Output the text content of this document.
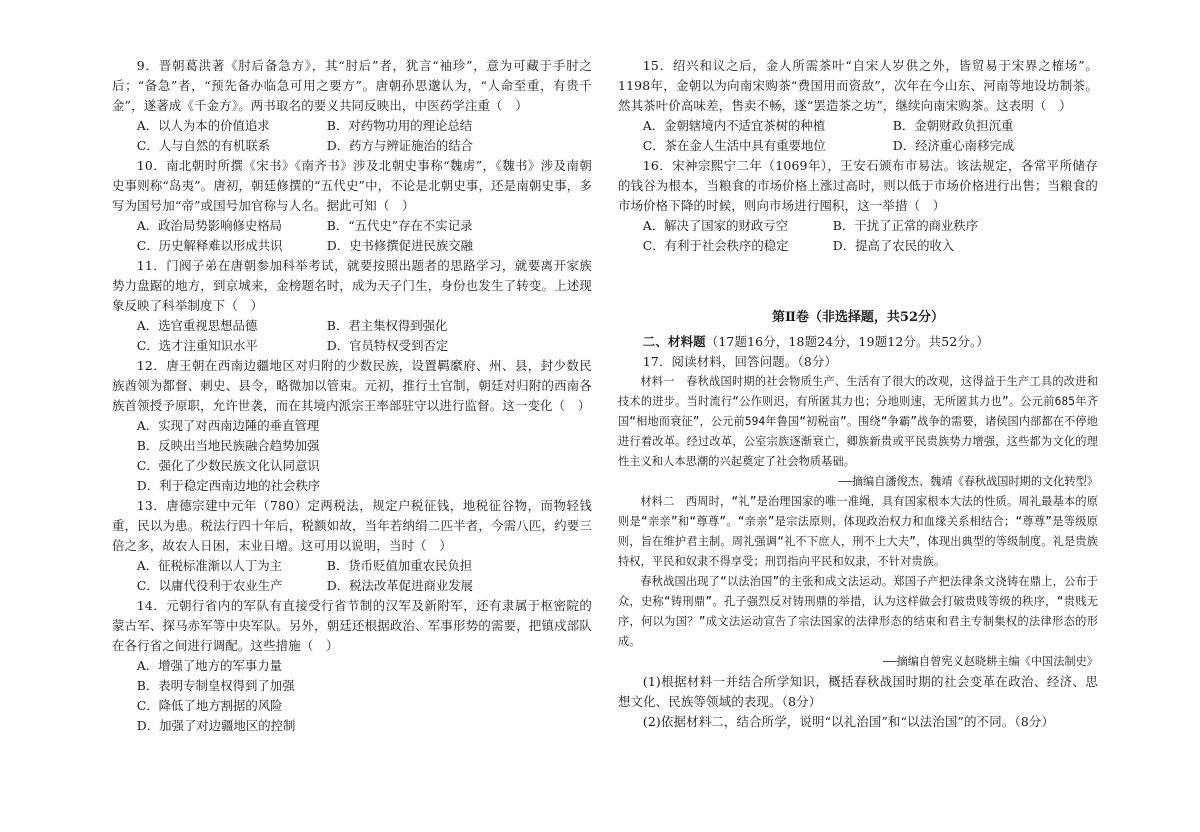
9．晋朝葛洪著《肘后备急方》，其“肘后”者，犹言“袖珍”，意为可藏于手肘之后；“备急”者，“预先备办临急可用之要方”。唐朝孙思邈认为，“人命至重，有贵千金”，遂著成《千金方》。两书取名的要义共同反映出，中医药学注重（　）

A．以人为本的价值追求	B．对药物功用的理论总结
C．人与自然的有机联系	D．药方与辨证施治的结合

10．南北朝时所撰《宋书》《南齐书》涉及北朝史事称“魏虏”，《魏书》涉及南朝史事则称“岛夷”。唐初，朝廷修撰的“五代史”中，不论是北朝史事，还是南朝史事，多写为国号加“帝”或国号加官称与人名。据此可知（　）

A．政治局势影响修史格局	B．“五代史”存在不实记录
C．历史解释难以形成共识	D．史书修撰促进民族交融

11．门阀子弟在唐朝参加科举考试，就要按照出题者的思路学习，就要离开家族势力盘踞的地方，到京城来，金榜题名时，成为天子门生，身份也发生了转变。上述现象反映了科举制度下（　）

A．选官重视思想品德	B．君主集权得到强化
C．选才注重知识水平	D．官员特权受到否定

12．唐王朝在西南边疆地区对归附的少数民族，设置羁縻府、州、县，封少数民族酋领为都督、刺史、县令，略微加以管束。元初，推行土官制，朝廷对归附的西南各族首领授予原职，允许世袭，而在其境内派宗王率部驻守以进行监督。这一变化（　）

A．实现了对西南边陲的垂直管理
B．反映出当地民族融合趋势加强
C．强化了少数民族文化认同意识
D．利于稳定西南边地的社会秩序

13．唐德宗建中元年（780）定两税法，规定户税征钱，地税征谷物，而物轻钱重，民以为患。税法行四十年后，税额如故，当年若纳绢二匹半者，今需八匹，约要三倍之多，故农人日困，末业日增。这可用以说明，当时（　）

A．征税标准渐以人丁为主	B．货币贬值加重农民负担
C．以庸代役利于农业生产	D．税法改革促进商业发展

14．元朝行省内的军队有直接受行省节制的汉军及新附军，还有隶属于枢密院的蒙古军、探马赤军等中央军队。另外，朝廷还根据政治、军事形势的需要，把镇戍部队在各行省之间进行调配。这些措施（　）

A．增强了地方的军事力量
B．表明专制皇权得到了加强
C．降低了地方割据的风险
D．加强了对边疆地区的控制

15．绍兴和议之后，金人所需茶叶“自宋人岁供之外，皆贸易于宋界之榷场”。1198年，金朝以为向南宋购茶“费国用而资敌”，次年在今山东、河南等地设坊制茶。然其茶叶价高味差，售卖不畅，遂“罢造茶之坊”，继续向南宋购茶。这表明（　）

A．金朝辖境内不适宜茶树的种植	B．金朝财政负担沉重
C．茶在金人生活中具有重要地位	D．经济重心南移完成

16．宋神宗熙宁二年（1069年），王安石颁布市易法。该法规定，各常平所储存的钱谷为根本，当粮食的市场价格上涨过高时，则以低于市场价格进行出售；当粮食的市场价格下降的时候，则向市场进行囤积，这一举措（　）

A．解决了国家的财政亏空	B．干扰了正常的商业秩序
C．有利于社会秩序的稳定	D．提高了农民的收入
第Ⅱ卷（非选择题，共52分）

二、材料题（17题16分，18题24分，19题12分。共52分。）

17．阅读材料，回答问题。（8分）

材料一　春秋战国时期的社会物质生产、生活有了很大的改观，这得益于生产工具的改进和技术的进步。当时流行“公作则迟，有所匿其力也；分地则速，无所匿其力也”。公元前685年齐国“相地而衰征”，公元前594年鲁国“初税亩”。围绕“争霸”战争的需要，诸侯国内部都在不停地进行着改革。经过改革，公室宗族逐渐衰亡，卿族新贵或平民贵族势力增强，这些都为文化的理性主义和人本思潮的兴起奠定了社会物质基础。

——摘编自潘俊杰、魏靖《春秋战国时期的文化转型》

材料二　西周时，“礼”是治理国家的唯一准绳，具有国家根本大法的性质。周礼最基本的原则是“亲亲”和“尊尊”。“亲亲”是宗法原则，体现政治权力和血缘关系相结合；“尊尊”是等级原则，旨在维护君主制。周礼强调“礼不下庶人，刑不上大夫”，体现出典型的等级制度。礼是贵族特权，平民和奴隶不得享受；刑罚指向平民和奴隶，不针对贵族。

春秋战国出现了“以法治国”的主张和成文法运动。郑国子产把法律条文浇铸在鼎上，公布于众，史称“铸刑鼎”。孔子强烈反对铸刑鼎的举措，认为这样做会打破贵贱等级的秩序，“贵贱无序，何以为国？”成文法运动宣告了宗法国家的法律形态的结束和君主专制集权的法律形态的形成。

——摘编自曾宪义赵晓耕主编《中国法制史》

(1)根据材料一并结合所学知识，概括春秋战国时期的社会变革在政治、经济、思想文化、民族等领域的表现。（8分）

(2)依据材料二，结合所学，说明“以礼治国”和“以法治国”的不同。（8分）
